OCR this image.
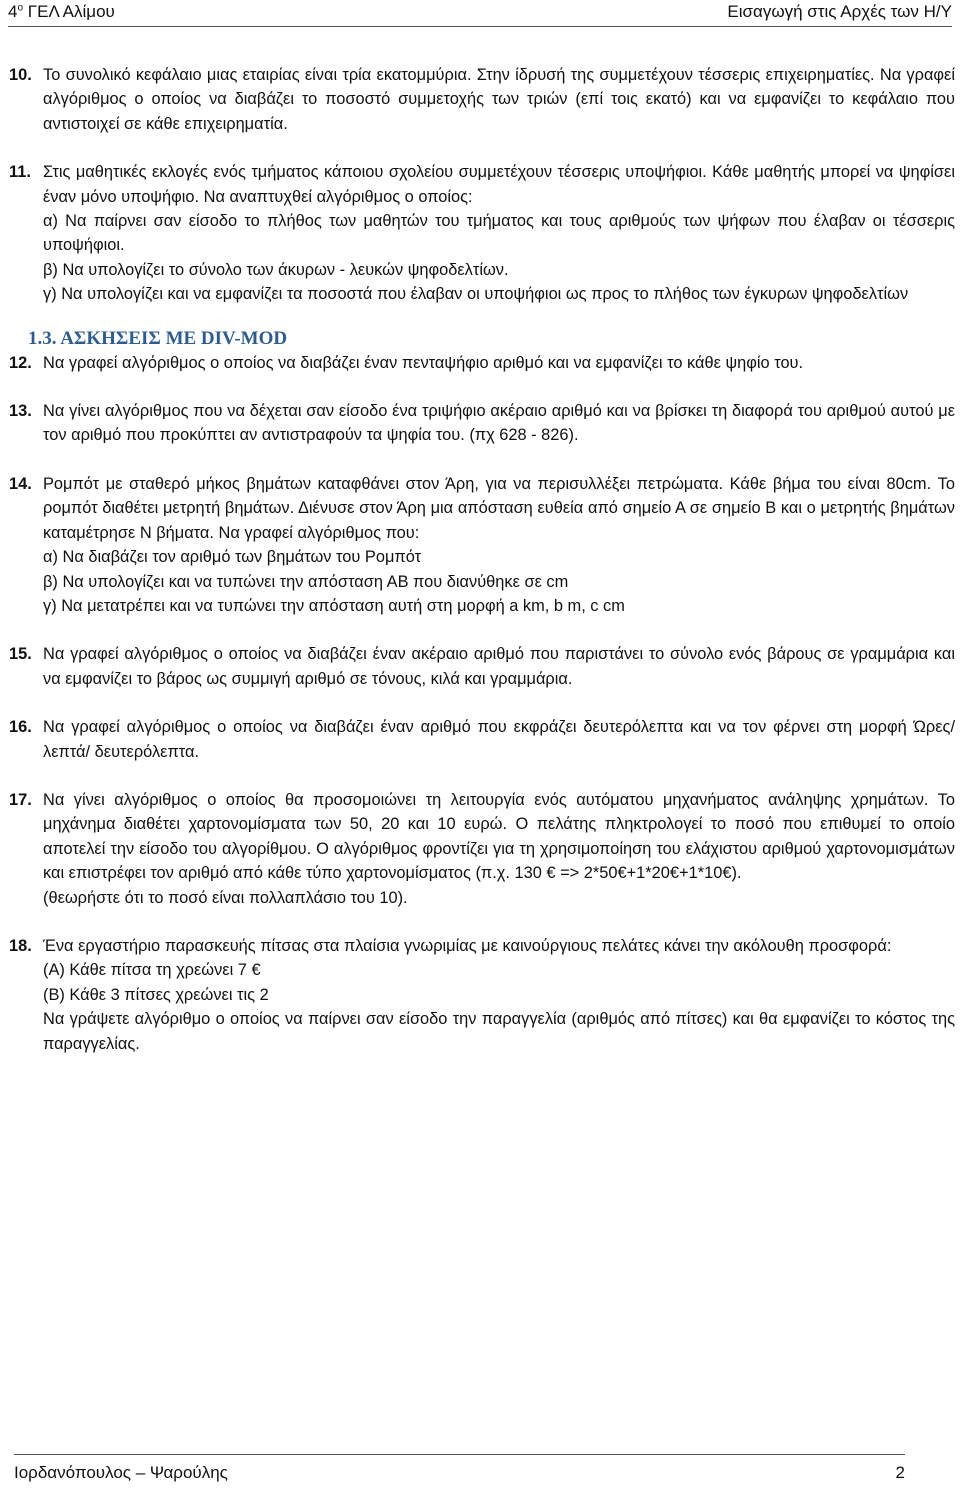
$4^o$ ΓΕΛ Αλίμου	Εισαγωγή στις Αρχές των Η/Υ
10. Το συνολικό κεφάλαιο μιας εταιρίας είναι τρία εκατομμύρια. Στην ίδρυσή της συμμετέχουν τέσσερις επιχειρηματίες. Να γραφεί αλγόριθμος ο οποίος να διαβάζει το ποσοστό συμμετοχής των τριών (επί τοις εκατό) και να εμφανίζει το κεφάλαιο που αντιστοιχεί σε κάθε επιχειρηματία.

11. Στις μαθητικές εκλογές ενός τμήματος κάποιου σχολείου συμμετέχουν τέσσερις υποψήφιοι. Κάθε μαθητής μπορεί να ψηφίσει έναν μόνο υποψήφιο. Να αναπτυχθεί αλγόριθμος ο οποίος:

α) Να παίρνει σαν είσοδο το πλήθος των μαθητών του τμήματος και τους αριθμούς των ψήφων που έλαβαν οι τέσσερις υποψήφιοι.

β) Να υπολογίζει το σύνολο των άκυρων - λευκών ψηφοδελτίων.

γ) Να υπολογίζει και να εμφανίζει τα ποσοστά που έλαβαν οι υποψήφιοι ως προς το πλήθος των έγκυρων ψηφοδελτίων

1.3. ΑΣΚΗΣΕΙΣ ΜΕ DIV-MOD
12. Να γραφεί αλγόριθμος ο οποίος να διαβάζει έναν πενταψήφιο αριθμό και να εμφανίζει το κάθε ψηφίο του.

13. Να γίνει αλγόριθμος που να δέχεται σαν είσοδο ένα τριψήφιο ακέραιο αριθμό και να βρίσκει τη διαφορά του αριθμού αυτού με τον αριθμό που προκύπτει αν αντιστραφούν τα ψηφία του. (πχ 628 - 826).

14. Ρομπότ με σταθερό μήκος βημάτων καταφθάνει στον Άρη, για να περισυλλέξει πετρώματα. Κάθε βήμα του είναι 80cm. Το ρομπότ διαθέτει μετρητή βημάτων. Διένυσε στον Άρη μια απόσταση ευθεία από σημείο Α σε σημείο Β και ο μετρητής βημάτων καταμέτρησε Ν βήματα. Να γραφεί αλγόριθμος που:

α) Να διαβάζει τον αριθμό των βημάτων του Ρομπότ

β) Να υπολογίζει και να τυπώνει την απόσταση ΑΒ που διανύθηκε σε cm

γ) Να μετατρέπει και να τυπώνει την απόσταση αυτή στη μορφή a km, b m, c cm

15. Να γραφεί αλγόριθμος ο οποίος να διαβάζει έναν ακέραιο αριθμό που παριστάνει το σύνολο ενός βάρους σε γραμμάρια και να εμφανίζει το βάρος ως συμμιγή αριθμό σε τόνους, κιλά και γραμμάρια.

16. Να γραφεί αλγόριθμος ο οποίος να διαβάζει έναν αριθμό που εκφράζει δευτερόλεπτα και να τον φέρνει στη μορφή Ώρες/λεπτά/ δευτερόλεπτα.

17. Να γίνει αλγόριθμος ο οποίος θα προσομοιώνει τη λειτουργία ενός αυτόματου μηχανήματος ανάληψης χρημάτων. Το μηχάνημα διαθέτει χαρτονομίσματα των 50, 20 και 10 ευρώ. Ο πελάτης πληκτρολογεί το ποσό που επιθυμεί το οποίο αποτελεί την είσοδο του αλγορίθμου. Ο αλγόριθμος φροντίζει για τη χρησιμοποίηση του ελάχιστου αριθμού χαρτονομισμάτων και επιστρέφει τον αριθμό από κάθε τύπο χαρτονομίσματος (π.χ. 130 € => 2*50€+1*20€+1*10€).

(θεωρήστε ότι το ποσό είναι πολλαπλάσιο του 10).

18. Ένα εργαστήριο παρασκευής πίτσας στα πλαίσια γνωριμίας με καινούργιους πελάτες κάνει την ακόλουθη προσφορά:

(Α) Κάθε πίτσα τη χρεώνει 7 €

(Β) Κάθε 3 πίτσες χρεώνει τις 2

Να γράψετε αλγόριθμο ο οποίος να παίρνει σαν είσοδο την παραγγελία (αριθμός από πίτσες) και θα εμφανίζει το κόστος της παραγγελίας.

Ιορδανόπουλος – Ψαρούλης	2
